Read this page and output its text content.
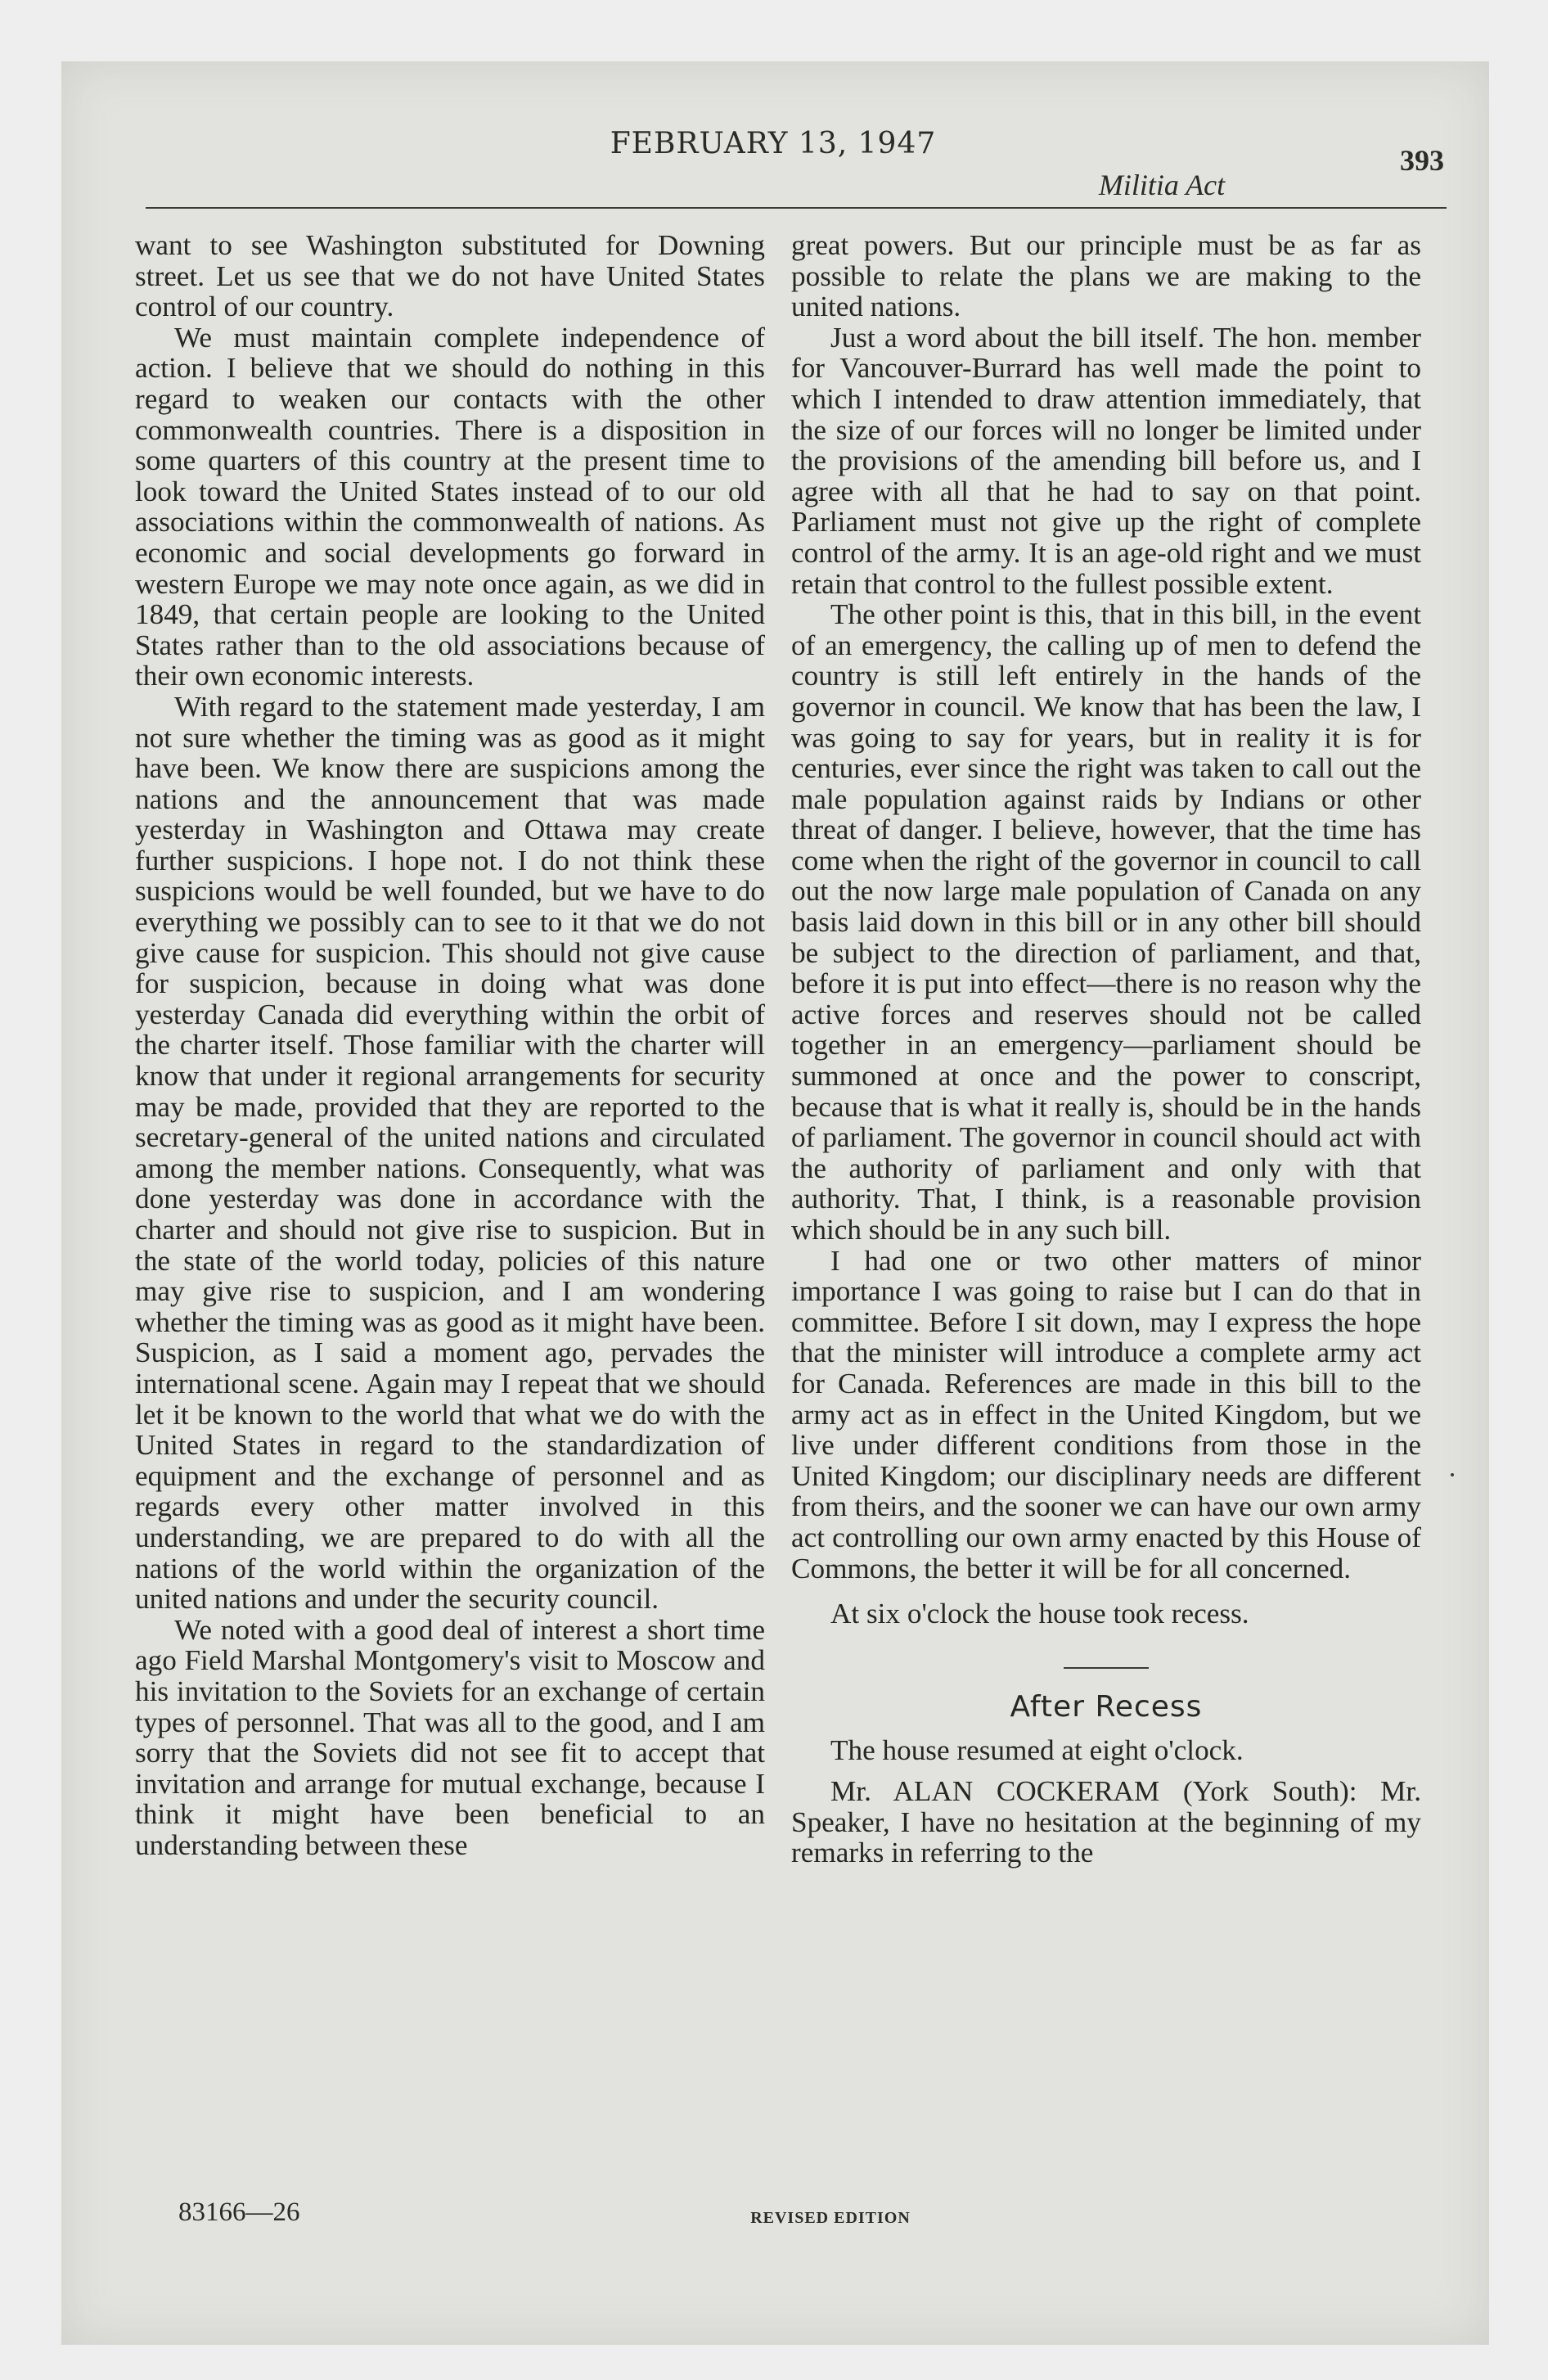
FEBRUARY 13, 1947
Militia Act
393

want to see Washington substituted for Downing street. Let us see that we do not have United States control of our country.

We must maintain complete independence of action. I believe that we should do nothing in this regard to weaken our contacts with the other commonwealth countries. There is a disposition in some quarters of this country at the present time to look toward the United States instead of to our old associations within the commonwealth of nations. As economic and social developments go forward in western Europe we may note once again, as we did in 1849, that certain people are looking to the United States rather than to the old associations because of their own economic interests.

With regard to the statement made yesterday, I am not sure whether the timing was as good as it might have been. We know there are suspicions among the nations and the announcement that was made yesterday in Washington and Ottawa may create further suspicions. I hope not. I do not think these suspicions would be well founded, but we have to do everything we possibly can to see to it that we do not give cause for suspicion. This should not give cause for suspicion, because in doing what was done yesterday Canada did everything within the orbit of the charter itself. Those familiar with the charter will know that under it regional arrangements for security may be made, provided that they are reported to the secretary-general of the united nations and circulated among the member nations. Consequently, what was done yesterday was done in accordance with the charter and should not give rise to suspicion. But in the state of the world today, policies of this nature may give rise to suspicion, and I am wondering whether the timing was as good as it might have been. Suspicion, as I said a moment ago, pervades the international scene. Again may I repeat that we should let it be known to the world that what we do with the United States in regard to the standardization of equipment and the exchange of personnel and as regards every other matter involved in this understanding, we are prepared to do with all the nations of the world within the organization of the united nations and under the security council.

We noted with a good deal of interest a short time ago Field Marshal Montgomery's visit to Moscow and his invitation to the Soviets for an exchange of certain types of personnel. That was all to the good, and I am sorry that the Soviets did not see fit to accept that invitation and arrange for mutual exchange, because I think it might have been beneficial to an understanding between these

great powers. But our principle must be as far as possible to relate the plans we are making to the united nations.

Just a word about the bill itself. The hon. member for Vancouver-Burrard has well made the point to which I intended to draw attention immediately, that the size of our forces will no longer be limited under the provisions of the amending bill before us, and I agree with all that he had to say on that point. Parliament must not give up the right of complete control of the army. It is an age-old right and we must retain that control to the fullest possible extent.

The other point is this, that in this bill, in the event of an emergency, the calling up of men to defend the country is still left entirely in the hands of the governor in council. We know that has been the law, I was going to say for years, but in reality it is for centuries, ever since the right was taken to call out the male population against raids by Indians or other threat of danger. I believe, however, that the time has come when the right of the governor in council to call out the now large male population of Canada on any basis laid down in this bill or in any other bill should be subject to the direction of parliament, and that, before it is put into effect—there is no reason why the active forces and reserves should not be called together in an emergency—parliament should be summoned at once and the power to conscript, because that is what it really is, should be in the hands of parliament. The governor in council should act with the authority of parliament and only with that authority. That, I think, is a reasonable provision which should be in any such bill.

I had one or two other matters of minor importance I was going to raise but I can do that in committee. Before I sit down, may I express the hope that the minister will introduce a complete army act for Canada. References are made in this bill to the army act as in effect in the United Kingdom, but we live under different conditions from those in the United Kingdom; our disciplinary needs are different from theirs, and the sooner we can have our own army act controlling our own army enacted by this House of Commons, the better it will be for all concerned.

At six o'clock the house took recess.

After Recess

The house resumed at eight o'clock.

Mr. ALAN COCKERAM (York South): Mr. Speaker, I have no hesitation at the beginning of my remarks in referring to the

83166—26	REVISED EDITION
